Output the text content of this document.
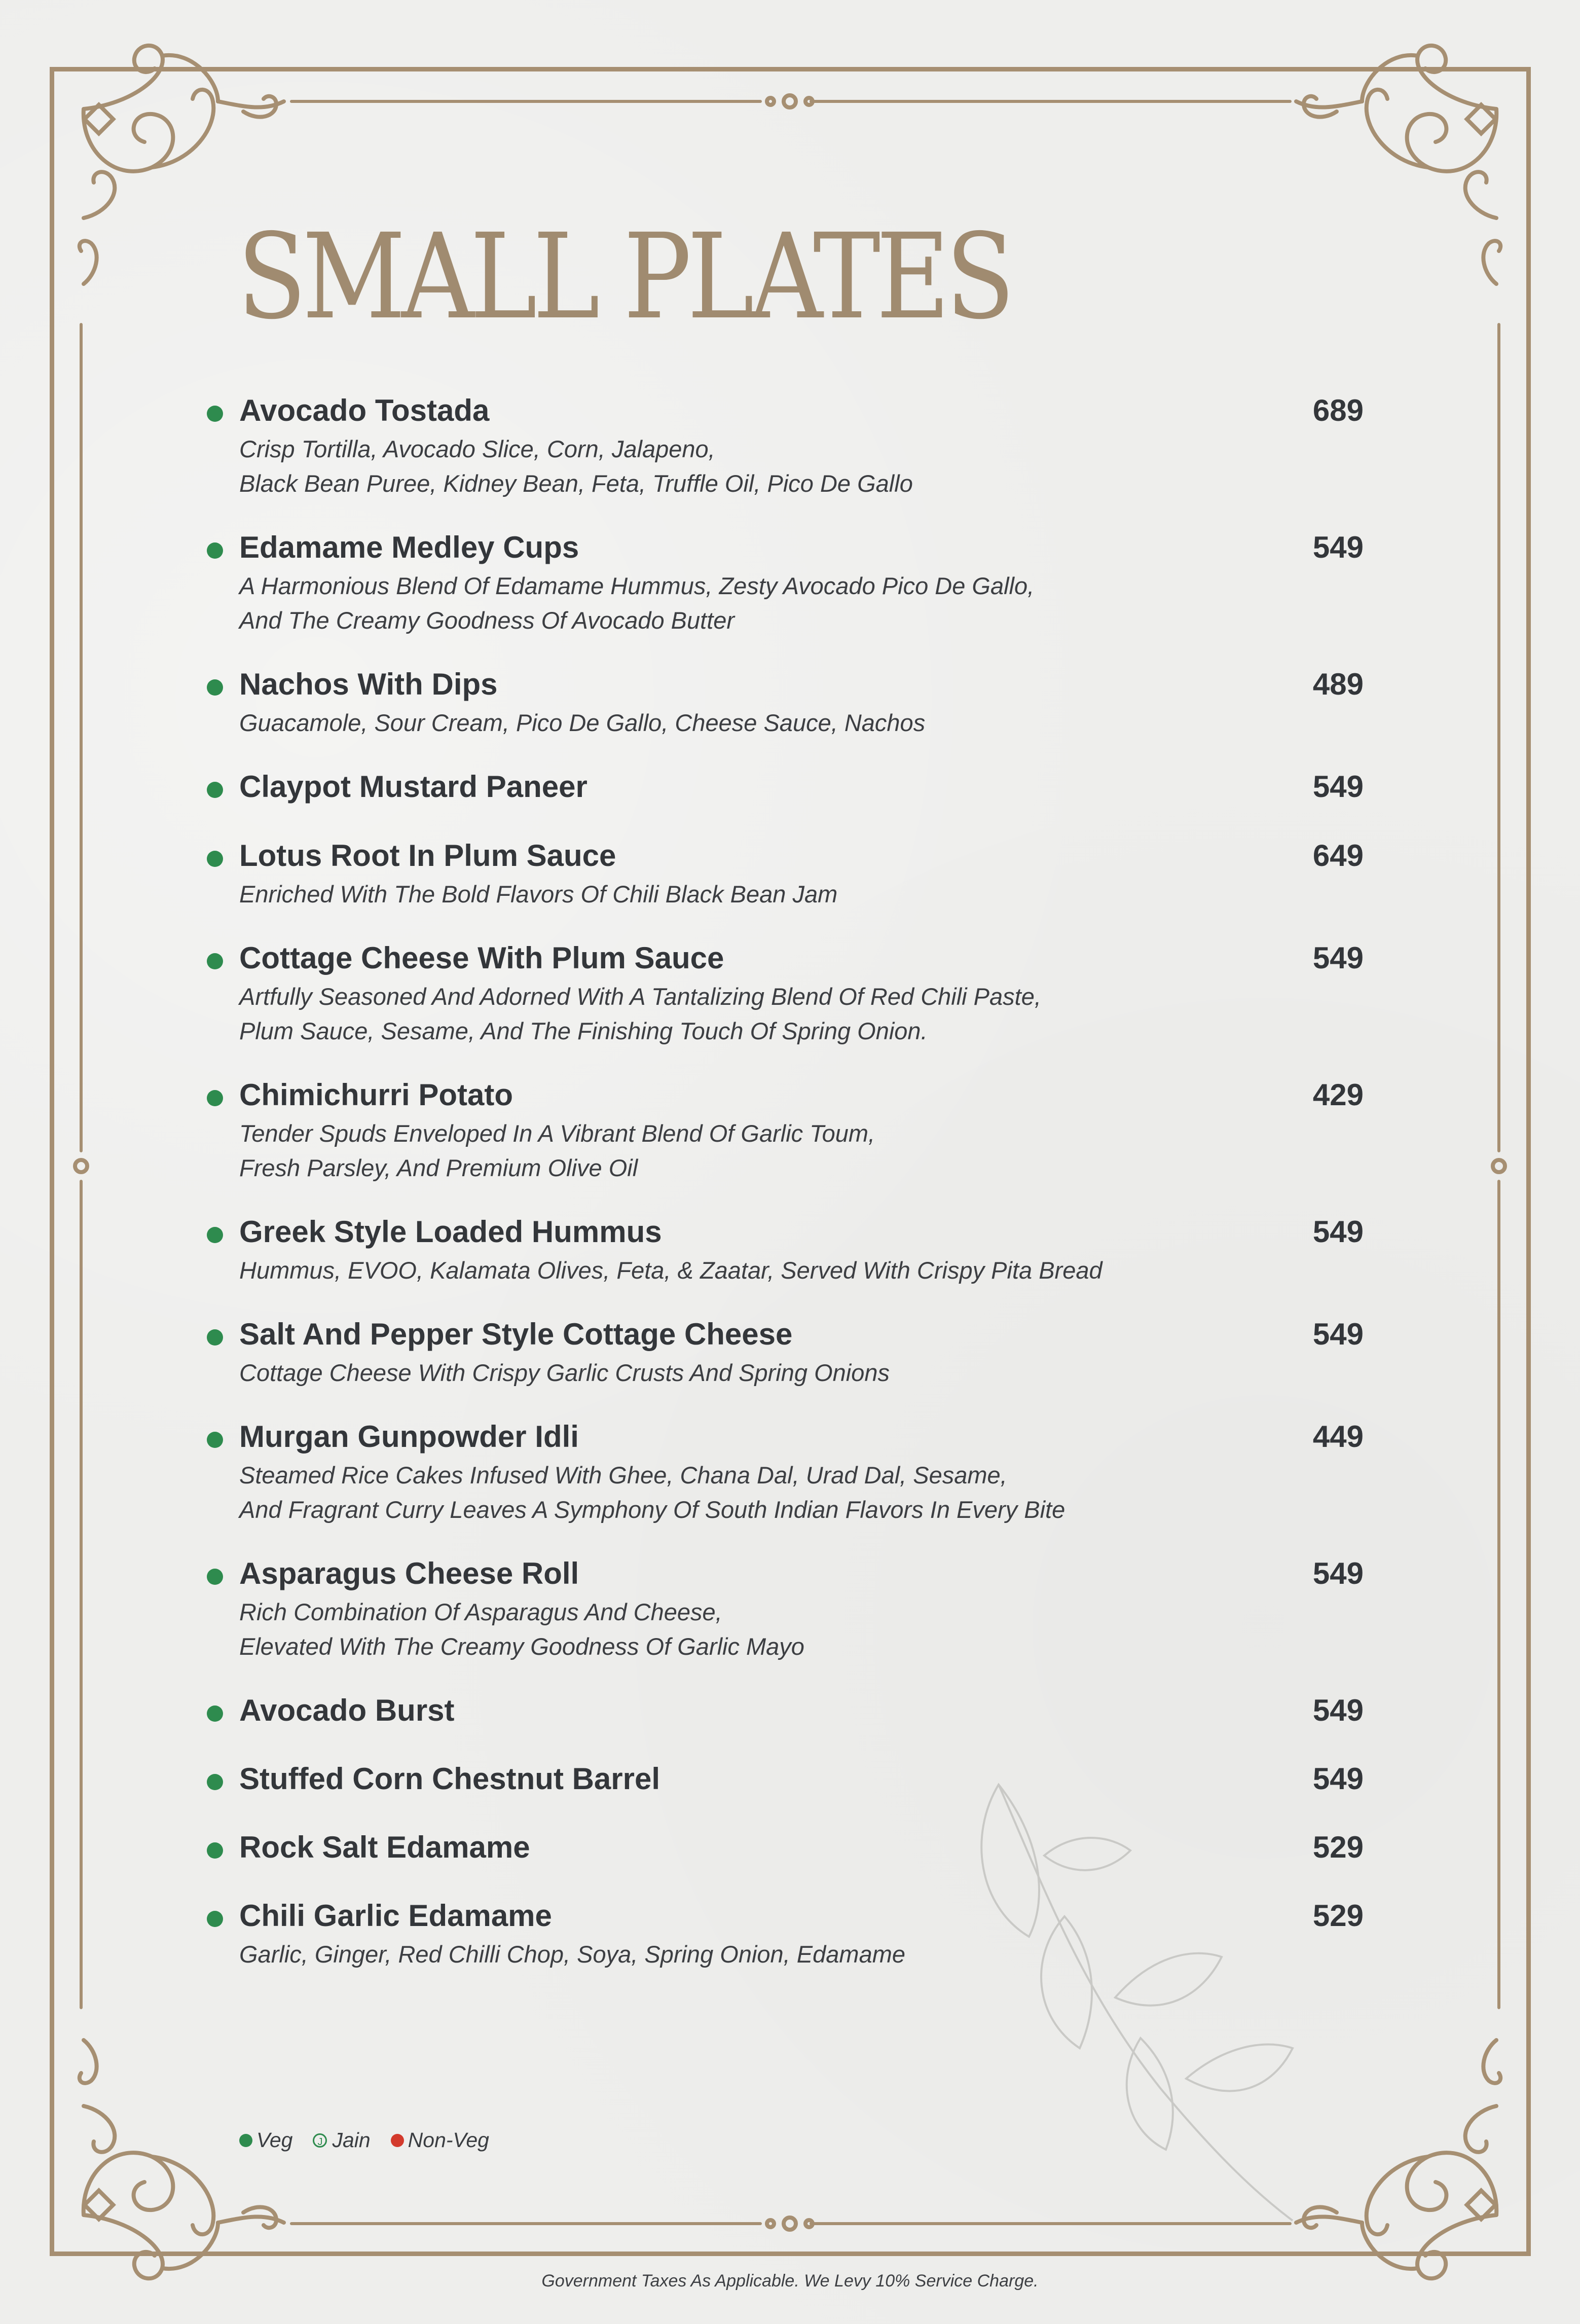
SMALL PLATES
Avocado Tostada	689
Crisp Tortilla, Avocado Slice, Corn, Jalapeno,
Black Bean Puree, Kidney Bean, Feta, Truffle Oil, Pico De Gallo
Edamame Medley Cups	549
A Harmonious Blend Of Edamame Hummus, Zesty Avocado Pico De Gallo,
And The Creamy Goodness Of Avocado Butter
Nachos With Dips	489
Guacamole, Sour Cream, Pico De Gallo, Cheese Sauce, Nachos
Claypot Mustard Paneer	549
Lotus Root In Plum Sauce	649
Enriched With The Bold Flavors Of Chili Black Bean Jam
Cottage Cheese With Plum Sauce	549
Artfully Seasoned And Adorned With A Tantalizing Blend Of Red Chili Paste,
Plum Sauce, Sesame, And The Finishing Touch Of Spring Onion.
Chimichurri Potato	429
Tender Spuds Enveloped In A Vibrant Blend Of Garlic Toum,
Fresh Parsley, And Premium Olive Oil
Greek Style Loaded Hummus	549
Hummus, EVOO, Kalamata Olives, Feta, & Zaatar, Served With Crispy Pita Bread
Salt And Pepper Style Cottage Cheese	549
Cottage Cheese With Crispy Garlic Crusts And Spring Onions
Murgan Gunpowder Idli	449
Steamed Rice Cakes Infused With Ghee, Chana Dal, Urad Dal, Sesame,
And Fragrant Curry Leaves A Symphony Of South Indian Flavors In Every Bite
Asparagus Cheese Roll	549
Rich Combination Of Asparagus And Cheese,
Elevated With The Creamy Goodness Of Garlic Mayo
Avocado Burst	549
Stuffed Corn Chestnut Barrel	549
Rock Salt Edamame	529
Chili Garlic Edamame	529
Garlic, Ginger, Red Chilli Chop, Soya, Spring Onion, Edamame
Veg	J Jain Non-Veg
Government Taxes As Applicable. We Levy 10% Service Charge.
